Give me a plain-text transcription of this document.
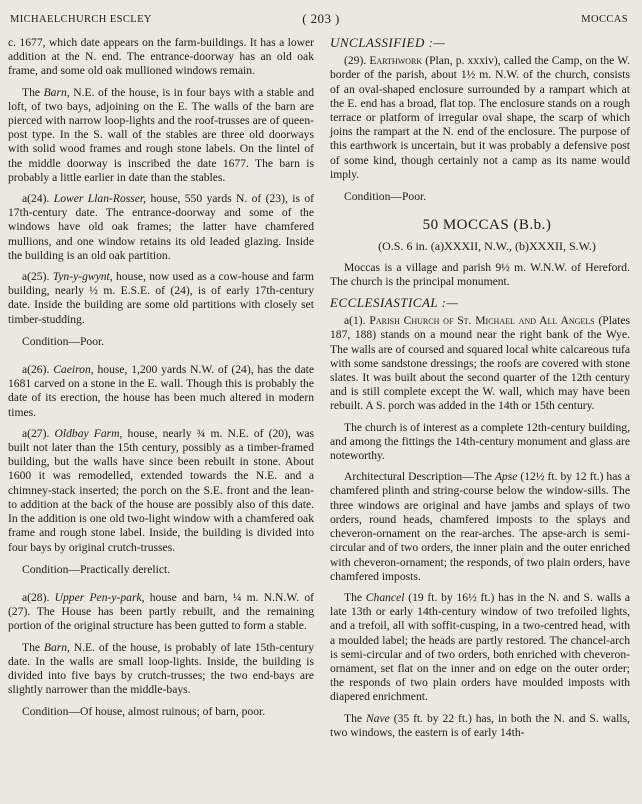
MICHAELCHURCH ESCLEY	( 203 )	MOCCAS

c. 1677, which date appears on the farm-buildings. It has a lower addition at the N. end. The entrance-doorway has an old oak frame, and some old oak mullioned windows remain.

The Barn, N.E. of the house, is in four bays with a stable and loft, of two bays, adjoining on the E. The walls of the barn are pierced with narrow loop-lights and the roof-trusses are of queen-post type. In the S. wall of the stables are three old doorways with solid wood frames and rough stone labels. On the lintel of the middle doorway is inscribed the date 1677. The barn is probably a little earlier in date than the stables.

a(24). Lower Llan-Rosser, house, 550 yards N. of (23), is of 17th-century date. The entrance-doorway and some of the windows have old oak frames; the latter have chamfered mullions, and one window retains its old leaded glazing. Inside the building is an old oak partition.

a(25). Tyn-y-gwynt, house, now used as a cow-house and farm building, nearly ½ m. E.S.E. of (24), is of early 17th-century date. Inside the building are some old partitions with closely set timber-studding.

Condition—Poor.

a(26). Caeiron, house, 1,200 yards N.W. of (24), has the date 1681 carved on a stone in the E. wall. Though this is probably the date of its erection, the house has been much altered in modern times.

a(27). Oldbay Farm, house, nearly ¾ m. N.E. of (20), was built not later than the 15th century, possibly as a timber-framed building, but the walls have since been rebuilt in stone. About 1600 it was remodelled, extended towards the N.E. and a chimney-stack inserted; the porch on the S.E. front and the lean-to addition at the back of the house are possibly also of this date. In the addition is one old two-light window with a chamfered oak frame and rough stone label. Inside, the building is divided into four bays by original crutch-trusses.

Condition—Practically derelict.

a(28). Upper Pen-y-park, house and barn, ¼ m. N.N.W. of (27). The House has been partly rebuilt, and the remaining portion of the original structure has been gutted to form a stable.

The Barn, N.E. of the house, is probably of late 15th-century date. In the walls are small loop-lights. Inside, the building is divided into five bays by crutch-trusses; the two end-bays are slightly narrower than the middle-bays.

Condition—Of house, almost ruinous; of barn, poor.

UNCLASSIFIED :—

(29). Earthwork (Plan, p. xxxiv), called the Camp, on the W. border of the parish, about 1½ m. N.W. of the church, consists of an oval-shaped enclosure surrounded by a rampart which at the E. end has a broad, flat top. The enclosure stands on a rough terrace or platform of irregular oval shape, the scarp of which joins the rampart at the N. end of the enclosure. The purpose of this earthwork is uncertain, but it was probably a defensive post of some kind, though certainly not a camp as its name would imply.

Condition—Poor.

50 MOCCAS (B.b.)

(O.S. 6 in. (a)XXXII, N.W., (b)XXXII, S.W.)

Moccas is a village and parish 9½ m. W.N.W. of Hereford. The church is the principal monument.

ECCLESIASTICAL :—

a(1). Parish Church of St. Michael and All Angels (Plates 187, 188) stands on a mound near the right bank of the Wye. The walls are of coursed and squared local white calcareous tufa with some sandstone dressings; the roofs are covered with stone slates. It was built about the second quarter of the 12th century and is still complete except the W. wall, which may have been rebuilt. A S. porch was added in the 14th or 15th century.

The church is of interest as a complete 12th-century building, and among the fittings the 14th-century monument and glass are noteworthy.

Architectural Description—The Apse (12½ ft. by 12 ft.) has a chamfered plinth and string-course below the window-sills. The three windows are original and have jambs and splays of two orders, round heads, chamfered imposts to the splays and cheveron-ornament on the rear-arches. The apse-arch is semi-circular and of two orders, the inner plain and the outer enriched with cheveron-ornament; the responds, of two plain orders, have chamfered imposts.

The Chancel (19 ft. by 16½ ft.) has in the N. and S. walls a late 13th or early 14th-century window of two trefoiled lights, and a trefoil, all with soffit-cusping, in a two-centred head, with a moulded label; the heads are partly restored. The chancel-arch is semi-circular and of two orders, both enriched with cheveron-ornament, set flat on the inner and on edge on the outer order; the responds of two plain orders have moulded imposts with diapered enrichment.

The Nave (35 ft. by 22 ft.) has, in both the N. and S. walls, two windows, the eastern is of early 14th-
